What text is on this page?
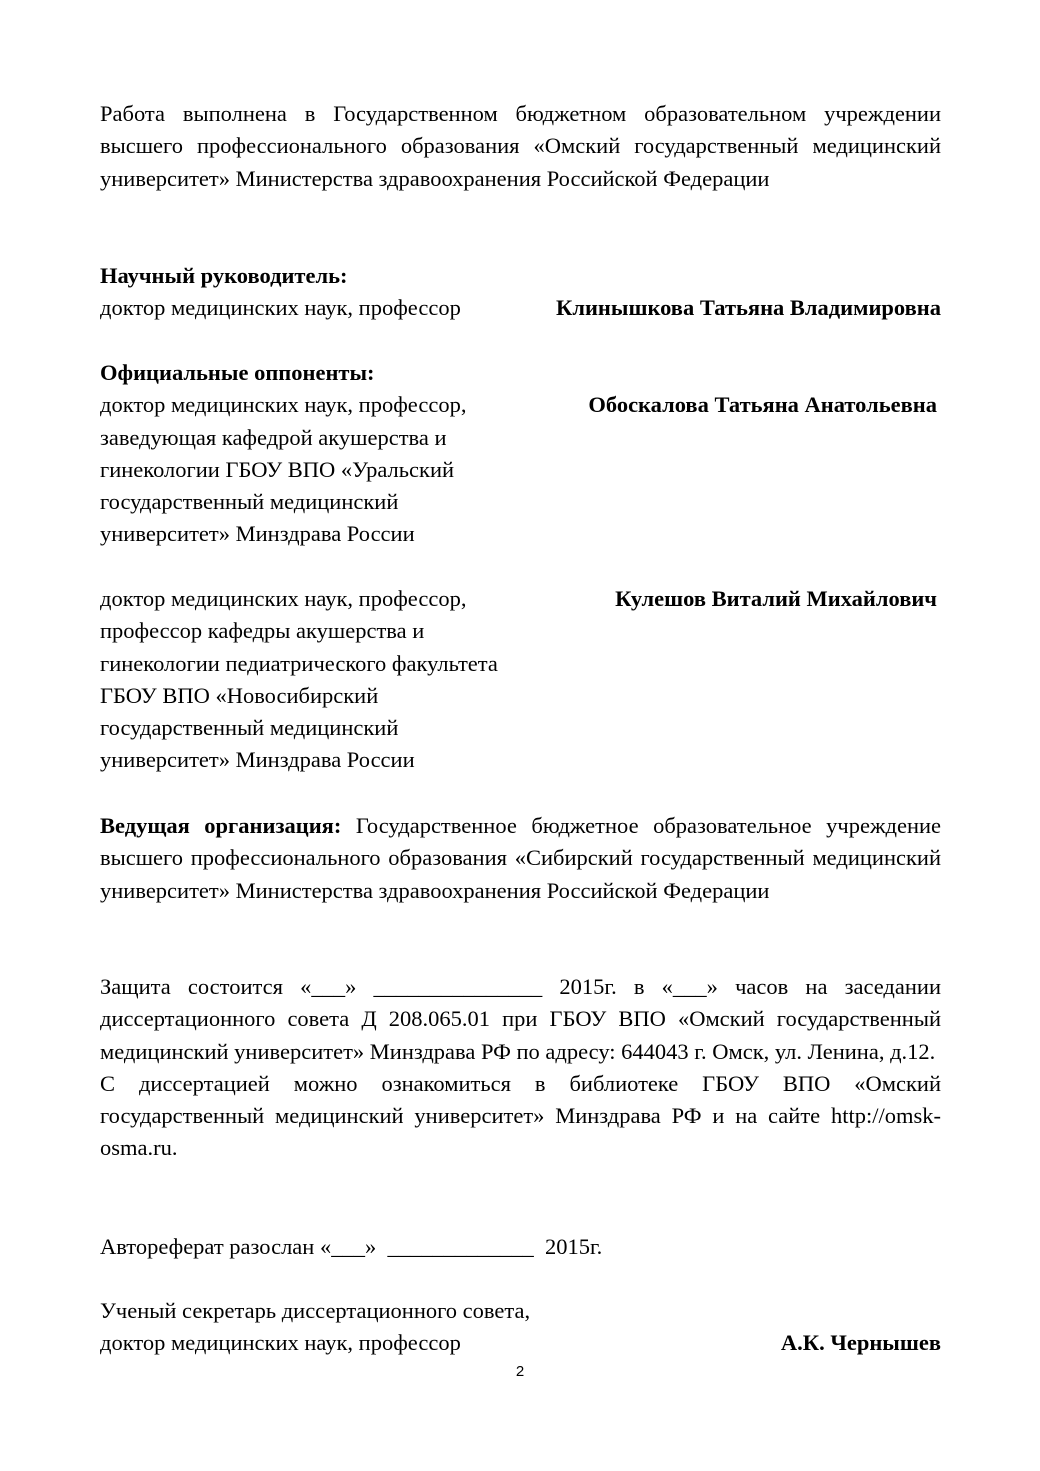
Работа выполнена в Государственном бюджетном образовательном учреждении высшего профессионального образования «Омский государственный медицинский университет» Министерства здравоохранения Российской Федерации

Научный руководитель:

доктор медицинских наук, профессор	Клинышкова Татьяна Владимировна

Официальные оппоненты:

доктор медицинских наук, профессор,
заведующая кафедрой акушерства и
гинекологии ГБОУ ВПО «Уральский
государственный медицинский
университет» Минздрава России
Обоскалова Татьяна Анатольевна
доктор медицинских наук, профессор,
профессор кафедры акушерства и
гинекологии педиатрического факультета
ГБОУ ВПО «Новосибирский
государственный медицинский
университет» Минздрава России
Кулешов Виталий Михайлович

Ведущая организация: Государственное бюджетное образовательное учреждение высшего профессионального образования «Сибирский государственный медицинский университет» Министерства здравоохранения Российской Федерации

Защита состоится «___» _______________ 2015г. в «___» часов на заседании диссертационного совета Д 208.065.01 при ГБОУ ВПО «Омский государственный медицинский университет» Минздрава РФ по адресу: 644043 г. Омск, ул. Ленина, д.12.

С диссертацией можно ознакомиться в библиотеке ГБОУ ВПО «Омский государственный медицинский университет» Минздрава РФ и на сайте http://omsk-osma.ru.

Автореферат разослан «___»  _____________  2015г.

Ученый секретарь диссертационного совета,

доктор медицинских наук, профессор	А.К. Чернышев
2
